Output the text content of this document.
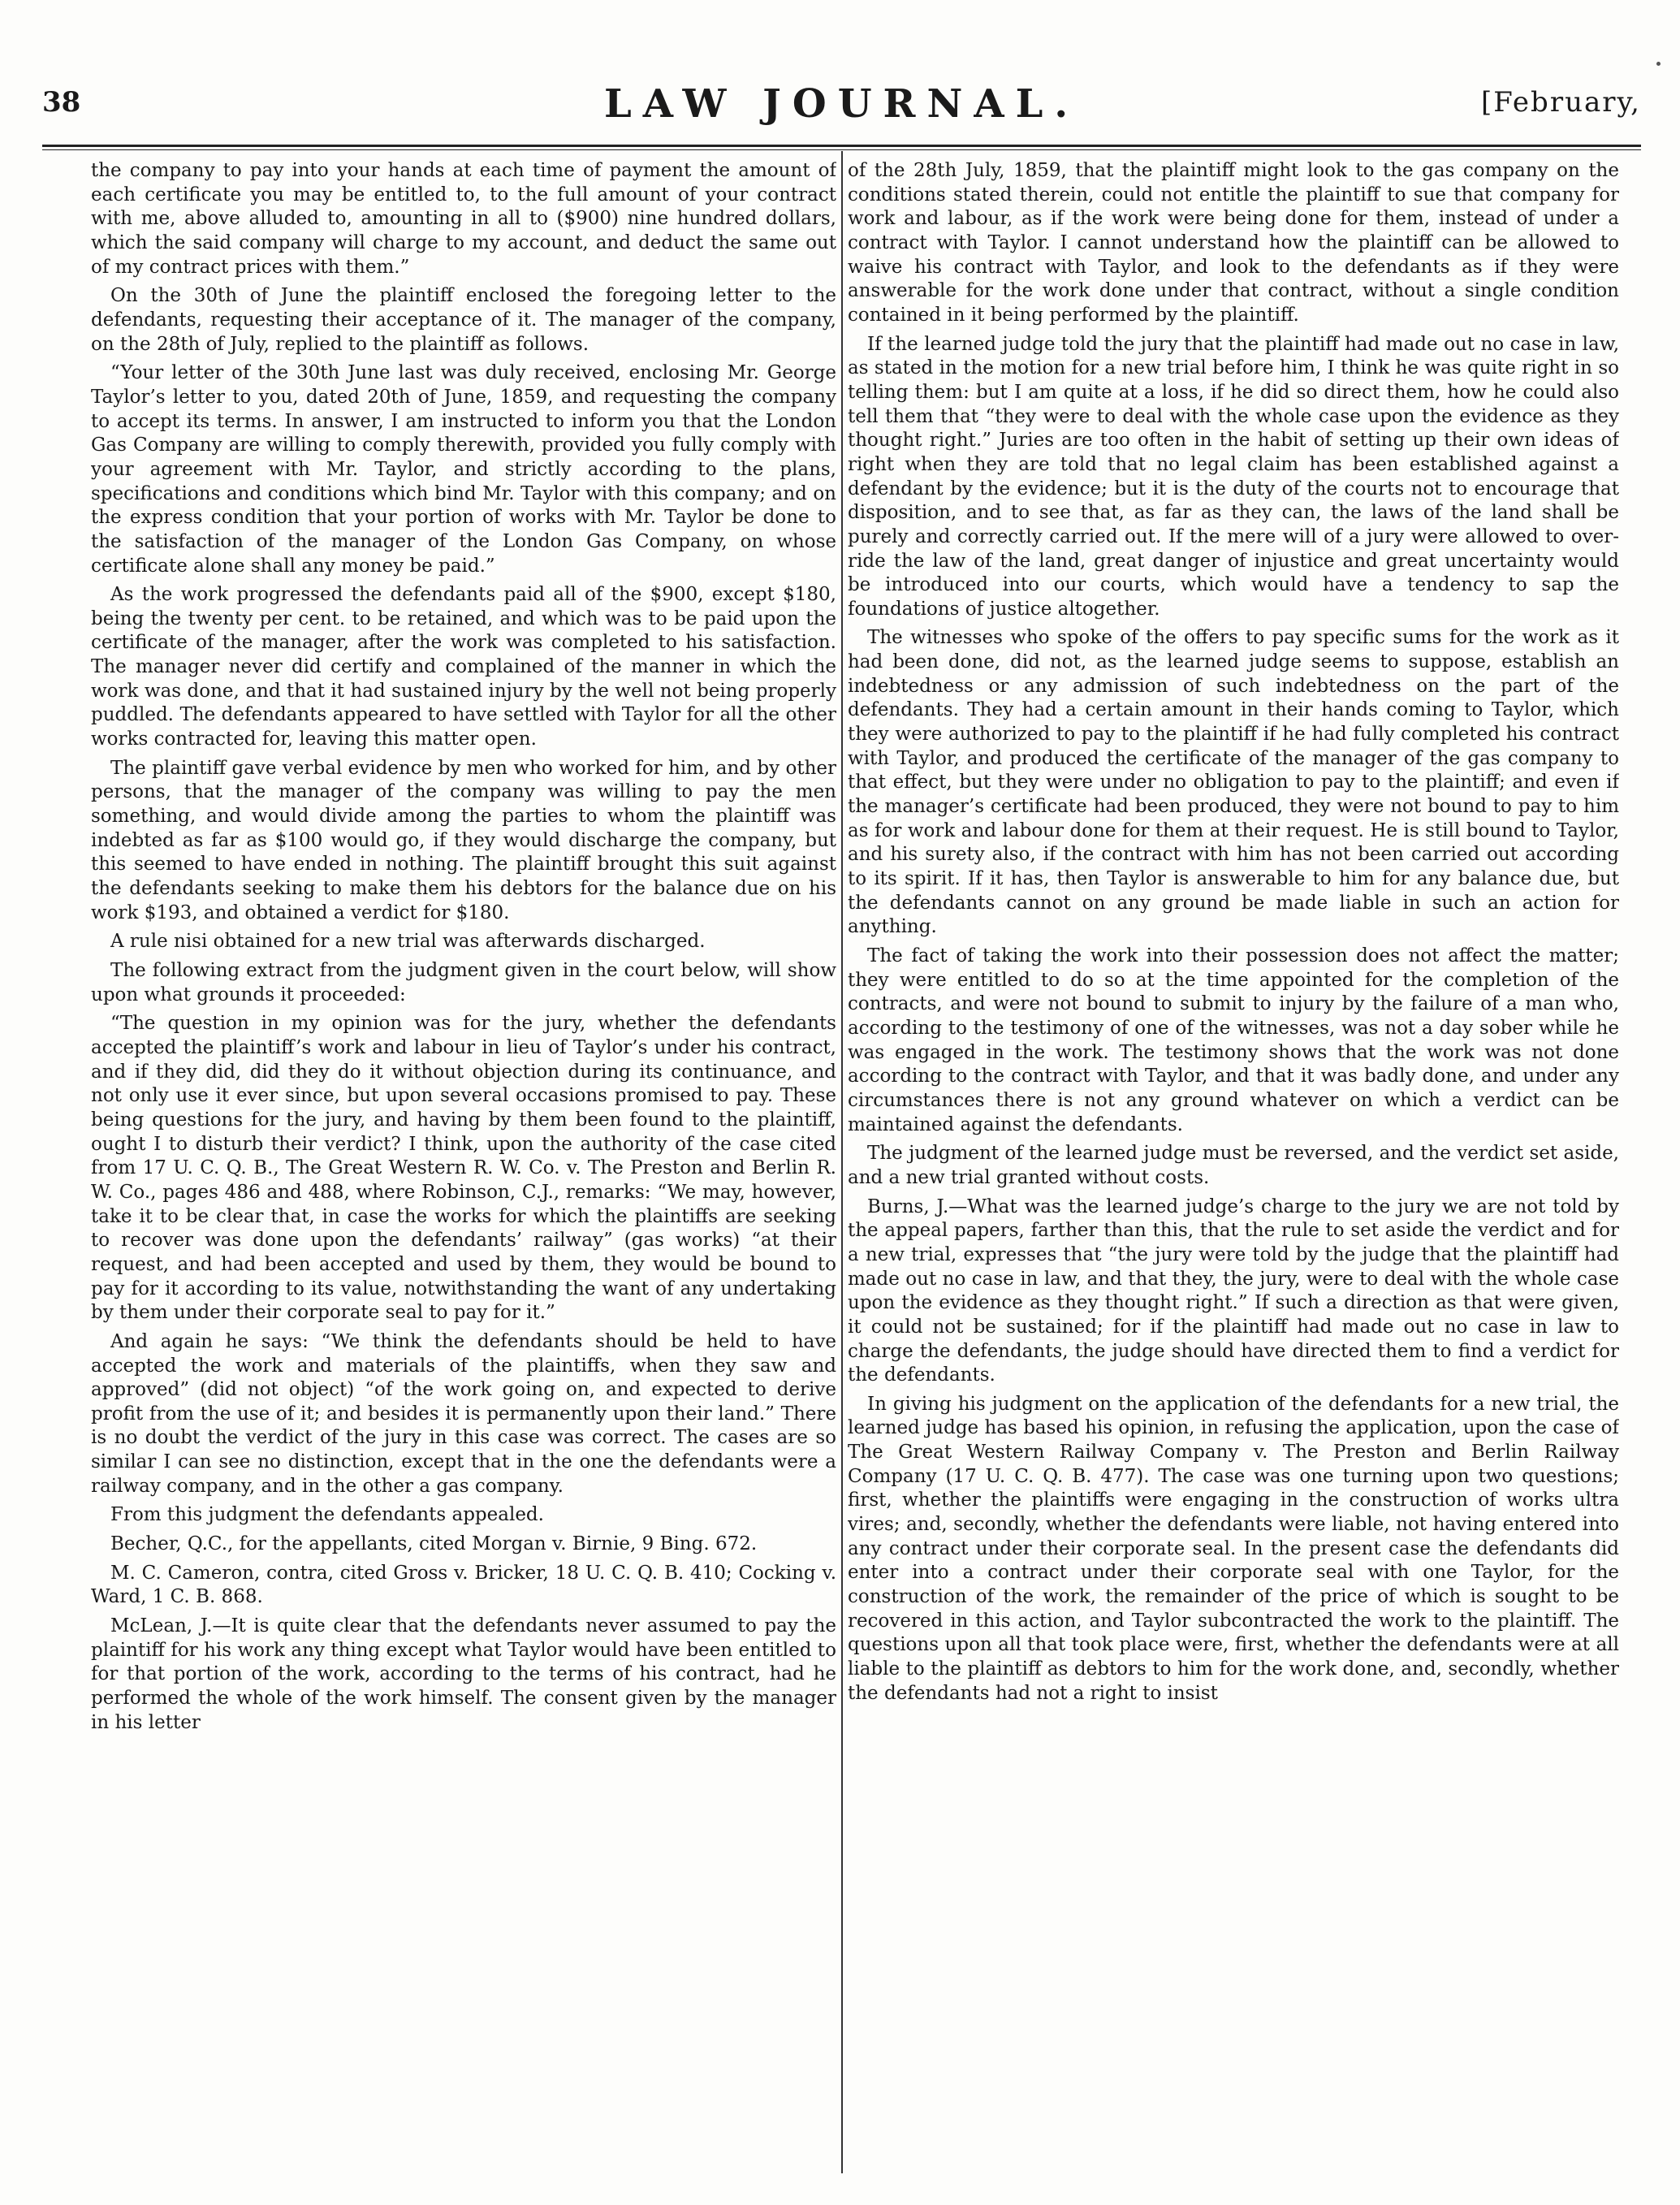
38	LAW JOURNAL.	[February,

the company to pay into your hands at each time of payment the amount of each certificate you may be entitled to, to the full amount of your contract with me, above alluded to, amounting in all to ($900) nine hundred dollars, which the said company will charge to my account, and deduct the same out of my contract prices with them.”

On the 30th of June the plaintiff enclosed the foregoing letter to the defendants, requesting their acceptance of it. The manager of the company, on the 28th of July, replied to the plaintiff as follows.

“Your letter of the 30th June last was duly received, enclosing Mr. George Taylor’s letter to you, dated 20th of June, 1859, and requesting the company to accept its terms. In answer, I am instructed to inform you that the London Gas Company are willing to comply therewith, provided you fully comply with your agreement with Mr. Taylor, and strictly according to the plans, specifications and conditions which bind Mr. Taylor with this company; and on the express condition that your portion of works with Mr. Taylor be done to the satisfaction of the manager of the London Gas Company, on whose certificate alone shall any money be paid.”

As the work progressed the defendants paid all of the $900, except $180, being the twenty per cent. to be retained, and which was to be paid upon the certificate of the manager, after the work was completed to his satisfaction. The manager never did certify and complained of the manner in which the work was done, and that it had sustained injury by the well not being properly puddled. The defendants appeared to have settled with Taylor for all the other works contracted for, leaving this matter open.

The plaintiff gave verbal evidence by men who worked for him, and by other persons, that the manager of the company was willing to pay the men something, and would divide among the parties to whom the plaintiff was indebted as far as $100 would go, if they would discharge the company, but this seemed to have ended in nothing. The plaintiff brought this suit against the defendants seeking to make them his debtors for the balance due on his work $193, and obtained a verdict for $180.

A rule nisi obtained for a new trial was afterwards discharged.

The following extract from the judgment given in the court below, will show upon what grounds it proceeded:

“The question in my opinion was for the jury, whether the defendants accepted the plaintiff’s work and labour in lieu of Taylor’s under his contract, and if they did, did they do it without objection during its continuance, and not only use it ever since, but upon several occasions promised to pay. These being questions for the jury, and having by them been found to the plaintiff, ought I to disturb their verdict? I think, upon the authority of the case cited from 17 U. C. Q. B., The Great Western R. W. Co. v. The Preston and Berlin R. W. Co., pages 486 and 488, where Robinson, C.J., remarks: “We may, however, take it to be clear that, in case the works for which the plaintiffs are seeking to recover was done upon the defendants’ railway” (gas works) “at their request, and had been accepted and used by them, they would be bound to pay for it according to its value, notwithstanding the want of any undertaking by them under their corporate seal to pay for it.”

And again he says: “We think the defendants should be held to have accepted the work and materials of the plaintiffs, when they saw and approved” (did not object) “of the work going on, and expected to derive profit from the use of it; and besides it is permanently upon their land.” There is no doubt the verdict of the jury in this case was correct. The cases are so similar I can see no distinction, except that in the one the defendants were a railway company, and in the other a gas company.

From this judgment the defendants appealed.

Becher, Q.C., for the appellants, cited Morgan v. Birnie, 9 Bing. 672.

M. C. Cameron, contra, cited Gross v. Bricker, 18 U. C. Q. B. 410; Cocking v. Ward, 1 C. B. 868.

McLean, J.—It is quite clear that the defendants never assumed to pay the plaintiff for his work any thing except what Taylor would have been entitled to for that portion of the work, according to the terms of his contract, had he performed the whole of the work himself. The consent given by the manager in his letter

of the 28th July, 1859, that the plaintiff might look to the gas company on the conditions stated therein, could not entitle the plaintiff to sue that company for work and labour, as if the work were being done for them, instead of under a contract with Taylor. I cannot understand how the plaintiff can be allowed to waive his contract with Taylor, and look to the defendants as if they were answerable for the work done under that contract, without a single condition contained in it being performed by the plaintiff.

If the learned judge told the jury that the plaintiff had made out no case in law, as stated in the motion for a new trial before him, I think he was quite right in so telling them: but I am quite at a loss, if he did so direct them, how he could also tell them that “they were to deal with the whole case upon the evidence as they thought right.” Juries are too often in the habit of setting up their own ideas of right when they are told that no legal claim has been established against a defendant by the evidence; but it is the duty of the courts not to encourage that disposition, and to see that, as far as they can, the laws of the land shall be purely and correctly carried out. If the mere will of a jury were allowed to over-ride the law of the land, great danger of injustice and great uncertainty would be introduced into our courts, which would have a tendency to sap the foundations of justice altogether.

The witnesses who spoke of the offers to pay specific sums for the work as it had been done, did not, as the learned judge seems to suppose, establish an indebtedness or any admission of such indebtedness on the part of the defendants. They had a certain amount in their hands coming to Taylor, which they were authorized to pay to the plaintiff if he had fully completed his contract with Taylor, and produced the certificate of the manager of the gas company to that effect, but they were under no obligation to pay to the plaintiff; and even if the manager’s certificate had been produced, they were not bound to pay to him as for work and labour done for them at their request. He is still bound to Taylor, and his surety also, if the contract with him has not been carried out according to its spirit. If it has, then Taylor is answerable to him for any balance due, but the defendants cannot on any ground be made liable in such an action for anything.

The fact of taking the work into their possession does not affect the matter; they were entitled to do so at the time appointed for the completion of the contracts, and were not bound to submit to injury by the failure of a man who, according to the testimony of one of the witnesses, was not a day sober while he was engaged in the work. The testimony shows that the work was not done according to the contract with Taylor, and that it was badly done, and under any circumstances there is not any ground whatever on which a verdict can be maintained against the defendants.

The judgment of the learned judge must be reversed, and the verdict set aside, and a new trial granted without costs.

Burns, J.—What was the learned judge’s charge to the jury we are not told by the appeal papers, farther than this, that the rule to set aside the verdict and for a new trial, expresses that “the jury were told by the judge that the plaintiff had made out no case in law, and that they, the jury, were to deal with the whole case upon the evidence as they thought right.” If such a direction as that were given, it could not be sustained; for if the plaintiff had made out no case in law to charge the defendants, the judge should have directed them to find a verdict for the defendants.

In giving his judgment on the application of the defendants for a new trial, the learned judge has based his opinion, in refusing the application, upon the case of The Great Western Railway Company v. The Preston and Berlin Railway Company (17 U. C. Q. B. 477). The case was one turning upon two questions; first, whether the plaintiffs were engaging in the construction of works ultra vires; and, secondly, whether the defendants were liable, not having entered into any contract under their corporate seal. In the present case the defendants did enter into a contract under their corporate seal with one Taylor, for the construction of the work, the remainder of the price of which is sought to be recovered in this action, and Taylor subcontracted the work to the plaintiff. The questions upon all that took place were, first, whether the defendants were at all liable to the plaintiff as debtors to him for the work done, and, secondly, whether the defendants had not a right to insist
